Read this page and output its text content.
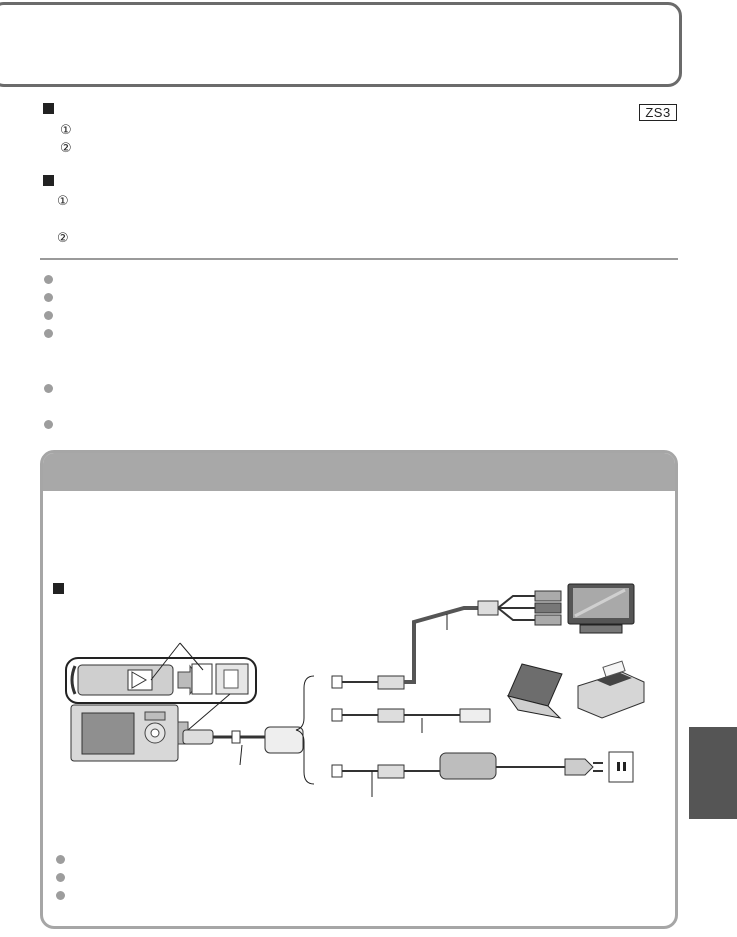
ZS3
①
②
①
②
